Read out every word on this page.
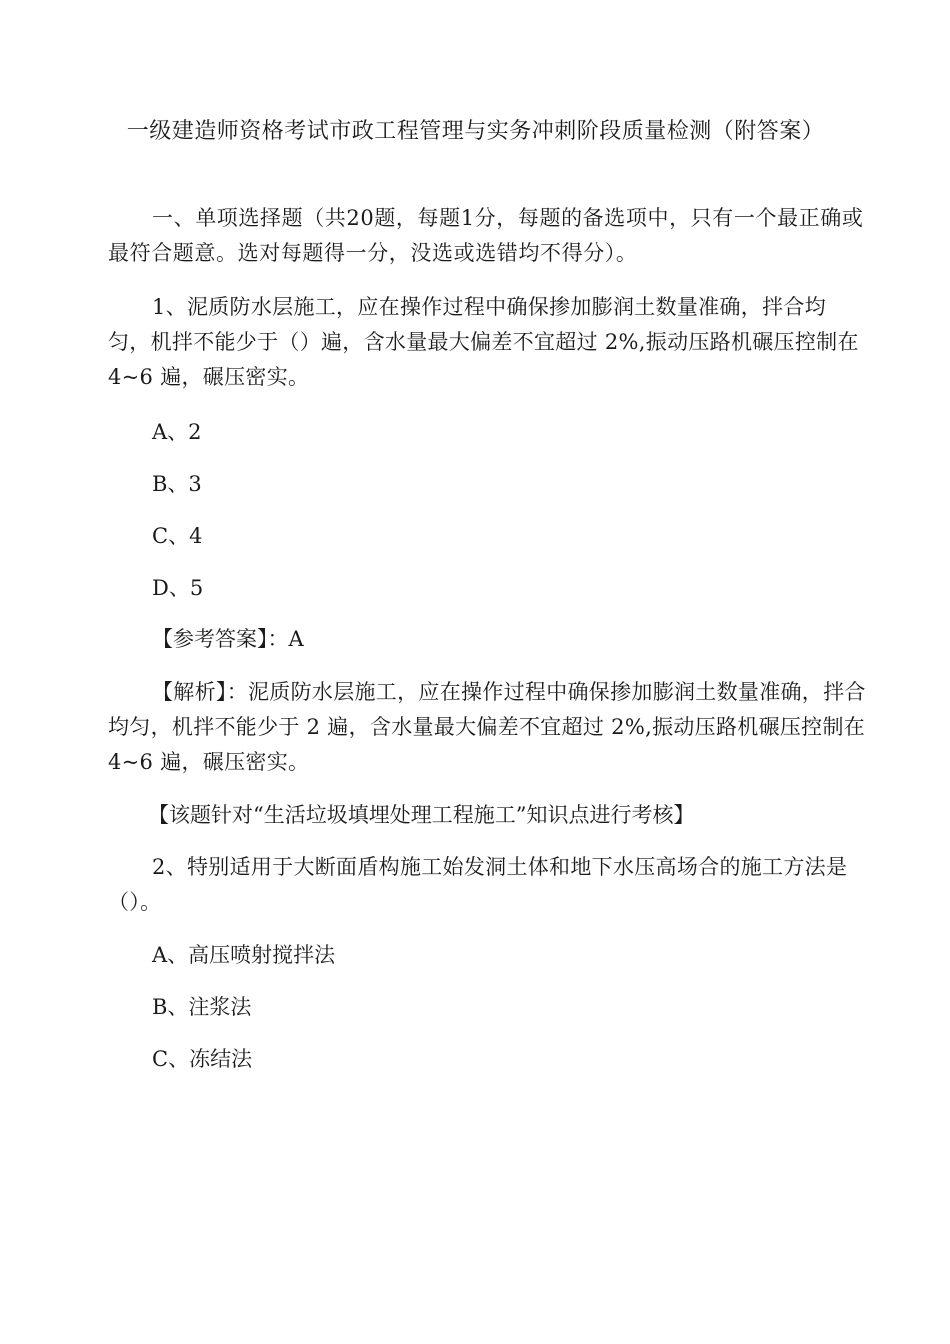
一级建造师资格考试市政工程管理与实务冲刺阶段质量检测（附答案）

一、单项选择题（共20题，每题1分，每题的备选项中，只有一个最正确或最符合题意。选对每题得一分，没选或选错均不得分）。

1、泥质防水层施工，应在操作过程中确保掺加膨润土数量准确，拌合均匀，机拌不能少于（）遍，含水量最大偏差不宜超过 2%,振动压路机碾压控制在 4~6 遍，碾压密实。

A、2
B、3
C、4
D、5

【参考答案】：A

【解析】：泥质防水层施工，应在操作过程中确保掺加膨润土数量准确，拌合均匀，机拌不能少于 2 遍，含水量最大偏差不宜超过 2%,振动压路机碾压控制在 4~6 遍，碾压密实。

【该题针对“生活垃圾填埋处理工程施工”知识点进行考核】

2、特别适用于大断面盾构施工始发洞土体和地下水压高场合的施工方法是（）。

A、高压喷射搅拌法
B、注浆法
C、冻结法
